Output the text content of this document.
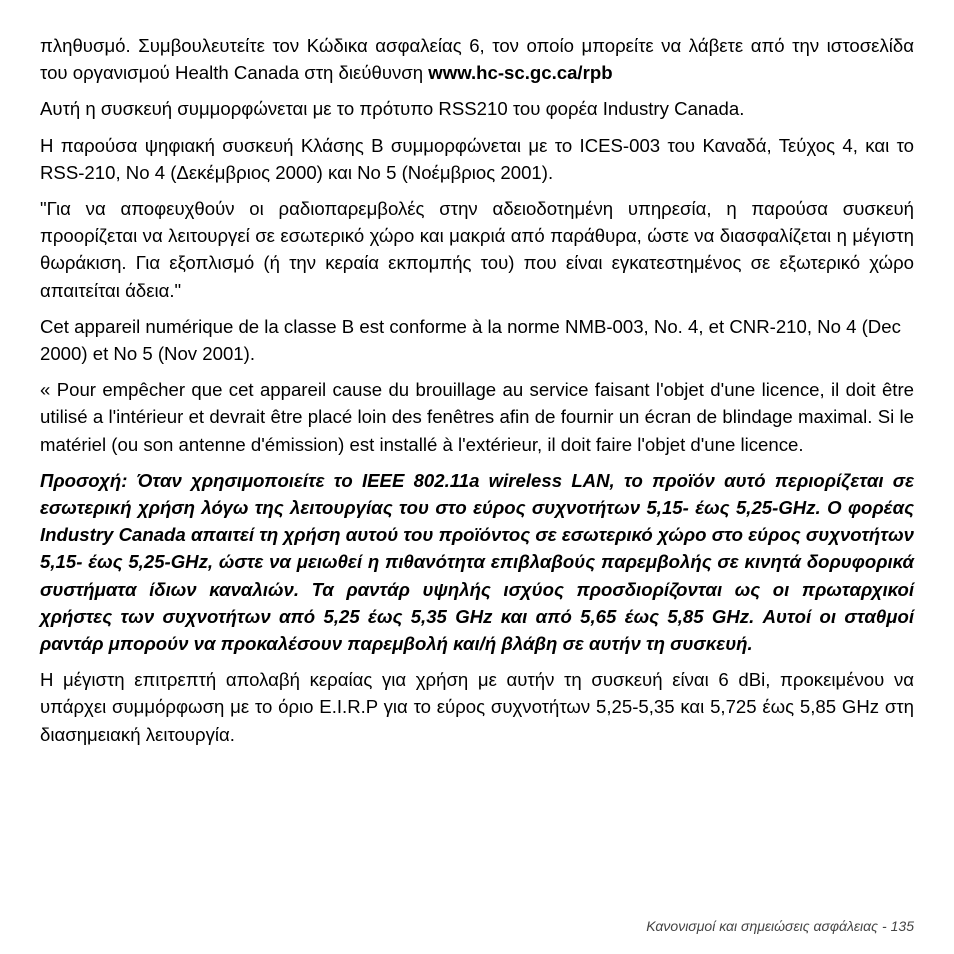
πληθυσμό. Συμβουλευτείτε τον Κώδικα ασφαλείας 6, τον οποίο μπορείτε να λάβετε από την ιστοσελίδα του οργανισμού Health Canada στη διεύθυνση www.hc-sc.gc.ca/rpb

Αυτή η συσκευή συμμορφώνεται με το πρότυπο RSS210 του φορέα Industry Canada.

Η παρούσα ψηφιακή συσκευή Κλάσης Β συμμορφώνεται με το ICES-003 του Καναδά, Τεύχος 4, και το RSS-210, No 4 (Δεκέμβριος 2000) και No 5 (Νοέμβριος 2001).

"Για να αποφευχθούν οι ραδιοπαρεμβολές στην αδειοδοτημένη υπηρεσία, η παρούσα συσκευή προορίζεται να λειτουργεί σε εσωτερικό χώρο και μακριά από παράθυρα, ώστε να διασφαλίζεται η μέγιστη θωράκιση. Για εξοπλισμό (ή την κεραία εκπομπής του) που είναι εγκατεστημένος σε εξωτερικό χώρο απαιτείται άδεια."

Cet appareil numérique de la classe B est conforme à la norme NMB-003, No. 4, et CNR-210, No 4 (Dec 2000) et No 5 (Nov 2001).

« Pour empêcher que cet appareil cause du brouillage au service faisant l'objet d'une licence, il doit être utilisé a l'intérieur et devrait être placé loin des fenêtres afin de fournir un écran de blindage maximal. Si le matériel (ou son antenne d'émission) est installé à l'extérieur, il doit faire l'objet d'une licence.

Προσοχή: Όταν χρησιμοποιείτε το IEEE 802.11a wireless LAN, το προϊόν αυτό περιορίζεται σε εσωτερική χρήση λόγω της λειτουργίας του στο εύρος συχνοτήτων 5,15- έως 5,25-GHz. Ο φορέας Industry Canada απαιτεί τη χρήση αυτού του προϊόντος σε εσωτερικό χώρο στο εύρος συχνοτήτων 5,15- έως 5,25-GHz, ώστε να μειωθεί η πιθανότητα επιβλαβούς παρεμβολής σε κινητά δορυφορικά συστήματα ίδιων καναλιών. Τα ραντάρ υψηλής ισχύος προσδιορίζονται ως οι πρωταρχικοί χρήστες των συχνοτήτων από 5,25 έως 5,35 GHz και από 5,65 έως 5,85 GHz. Αυτοί οι σταθμοί ραντάρ μπορούν να προκαλέσουν παρεμβολή και/ή βλάβη σε αυτήν τη συσκευή.

Η μέγιστη επιτρεπτή απολαβή κεραίας για χρήση με αυτήν τη συσκευή είναι 6 dBi, προκειμένου να υπάρχει συμμόρφωση με το όριο E.I.R.P για το εύρος συχνοτήτων 5,25-5,35 και 5,725 έως 5,85 GHz στη διασημειακή λειτουργία.

Κανονισμοί και σημειώσεις ασφάλειας - 135
